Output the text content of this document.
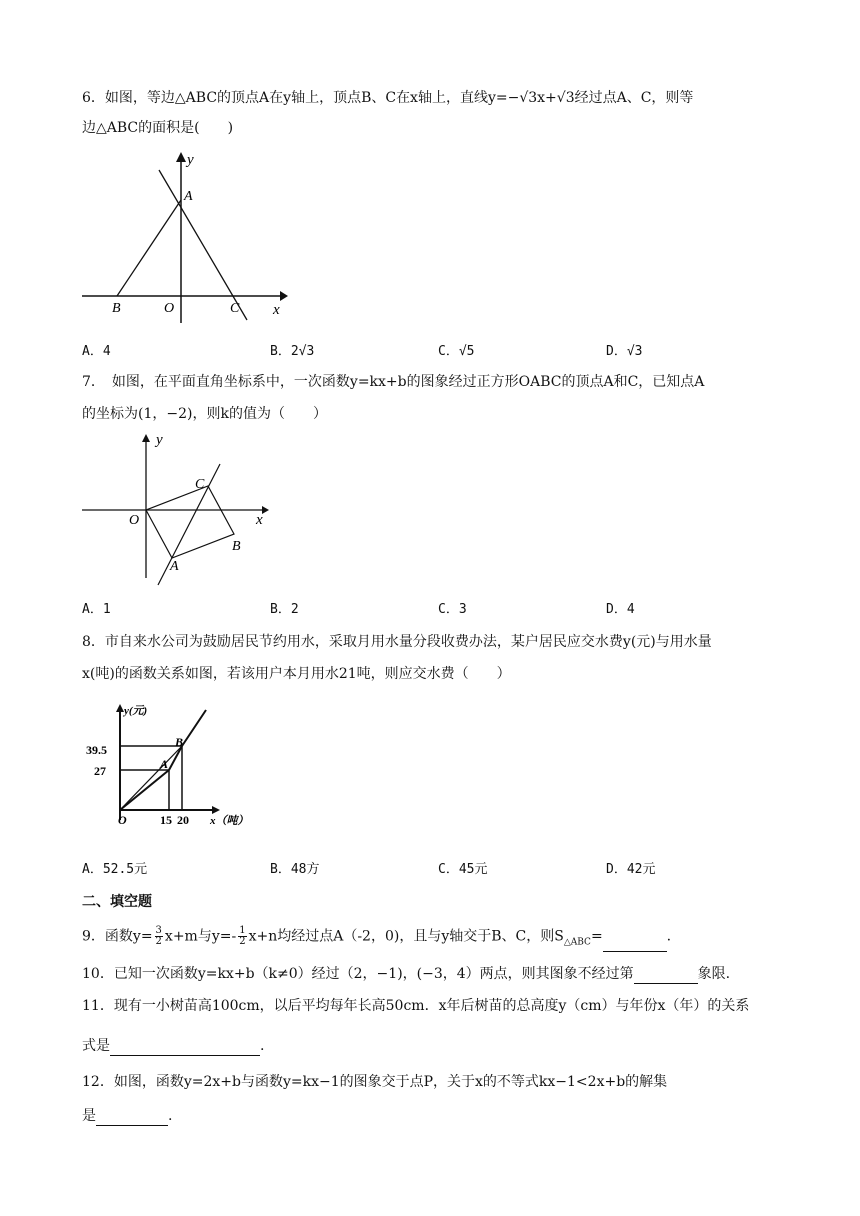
6．如图，等边△ABC的顶点A在y轴上，顶点B、C在x轴上，直线y=−√3x+√3经过点A、C，则等
边△ABC的面积是(　　)
y
A
B	O	C x
A．4	B．2√3	C．√5	D．√3
7．　如图，在平面直角坐标系中，一次函数y=kx+b的图象经过正方形OABC的顶点A和C，已知点A
的坐标为(1，−2)，则k的值为（　　）
y
O
C
B
A
x
A．1	B．2	C．3	D．4
8．市自来水公司为鼓励居民节约用水，采取月用水量分段收费办法，某户居民应交水费y(元)与用水量
x(吨)的函数关系如图，若该用户本月用水21吨，则应交水费（　　）
y(元)
39.5
27	A
B
O	15 20 x（吨）
A．52.5元	B．48方	C．45元	D．42元
二、填空题
9．函数$y= \frac{3}{2} x+m$与$y=- \frac{1}{2} x+n$均经过点A（-2，0)，且与y轴交于B、C，则$S_{\triangle ABC}=$	.
10．已知一次函数y=kx+b（k≠0）经过（2，−1)，(−3，4）两点，则其图象不经过第	象限.
11．现有一小树苗高100cm，以后平均每年长高50cm．x年后树苗的总高度y（cm）与年份x（年）的关系
式是	.
12．如图，函数y=2x+b与函数y=kx−1的图象交于点P，关于x的不等式kx−1<2x+b的解集
是	.
